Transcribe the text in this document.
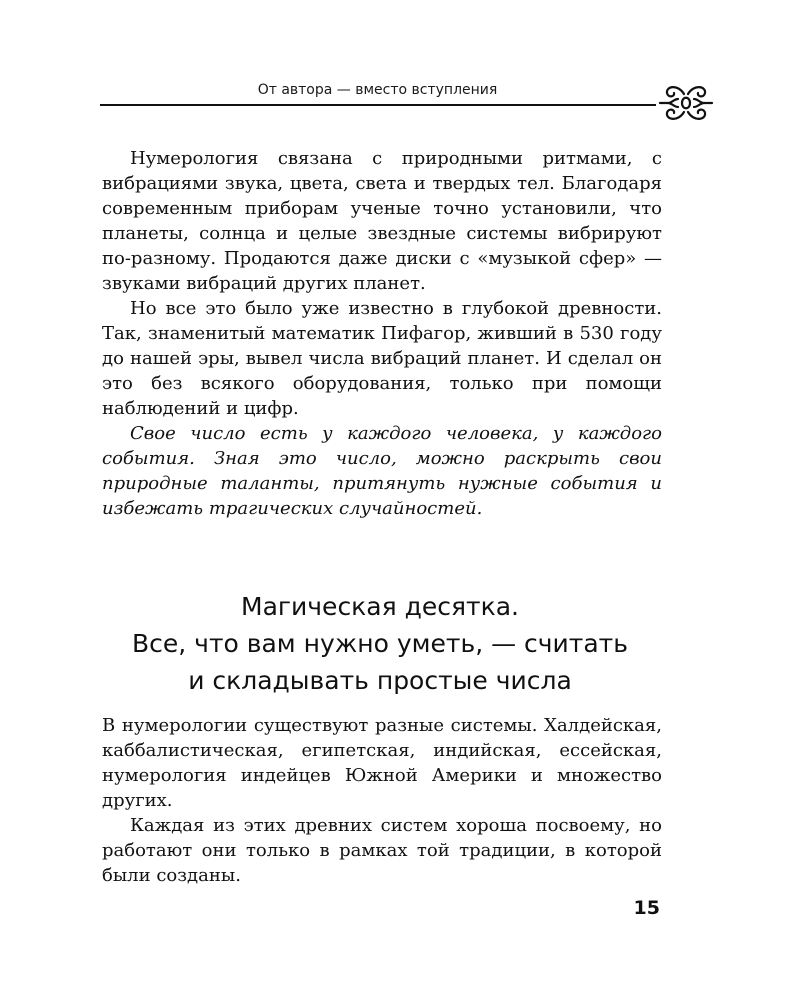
От автора — вместо вступления

Нумерология связана с природными ритмами, с вибрациями звука, цвета, света и твердых тел. Благодаря современным приборам ученые точно установили, что планеты, солнца и целые звездные системы вибрируют по-разному. Продаются даже диски с «музыкой сфер» — звуками вибраций других планет.

Но все это было уже известно в глубокой древности. Так, знаменитый математик Пифагор, живший в 530 году до нашей эры, вывел числа вибраций планет. И сделал он это без всякого оборудования, только при помощи наблюдений и цифр.

Свое число есть у каждого человека, у каждого события. Зная это число, можно раскрыть свои природные таланты, притянуть нужные события и избежать трагических случайностей.

Магическая десятка.
Все, что вам нужно уметь, — считать
и складывать простые числа

В нумерологии существуют разные системы. Халдейская, каббалистическая, египетская, индийская, ессейская, нумерология индейцев Южной Америки и множество других.

Каждая из этих древних систем хороша посвоему, но работают они только в рамках той традиции, в которой были созданы.

15
